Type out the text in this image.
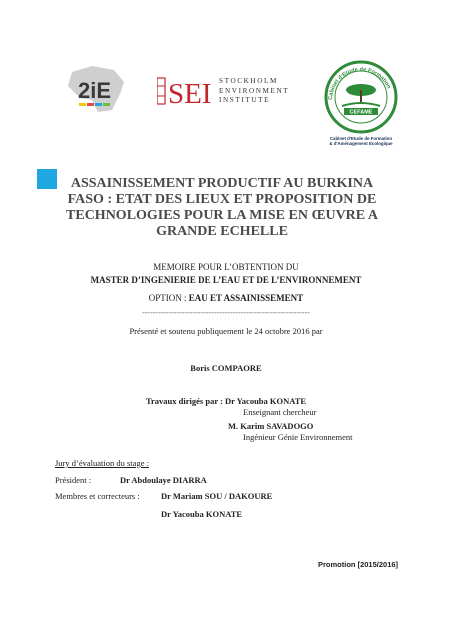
2iE SEI STOCKHOLM
ENVIRONMENT
INSTITUTE	Cabinet d'Etude de Formation
CEFAME
Cabinet d'Etude de Formation
& d'Aménagement Ecologique
ASSAINISSEMENT PRODUCTIF AU BURKINA FASO : ETAT DES LIEUX ET PROPOSITION DE TECHNOLOGIES POUR LA MISE EN ŒUVRE A GRANDE ECHELLE
MEMOIRE POUR L’OBTENTION DU
MASTER D’INGENIERIE DE L’EAU ET DE L’ENVIRONNEMENT
OPTION : EAU ET ASSAINISSEMENT
---------------------------------------------------------------
Présenté et soutenu publiquement le 24 octobre 2016 par
Boris COMPAORE
Travaux dirigés par : Dr Yacouba KONATE
Enseignant chercheur
M. Karim SAVADOGO
Ingénieur Génie Environnement
Jury d’évaluation du stage :
Président :	Dr Abdoulaye DIARRA
Membres et correcteurs :	Dr Mariam SOU / DAKOURE
Dr Yacouba KONATE
Promotion [2015/2016]
